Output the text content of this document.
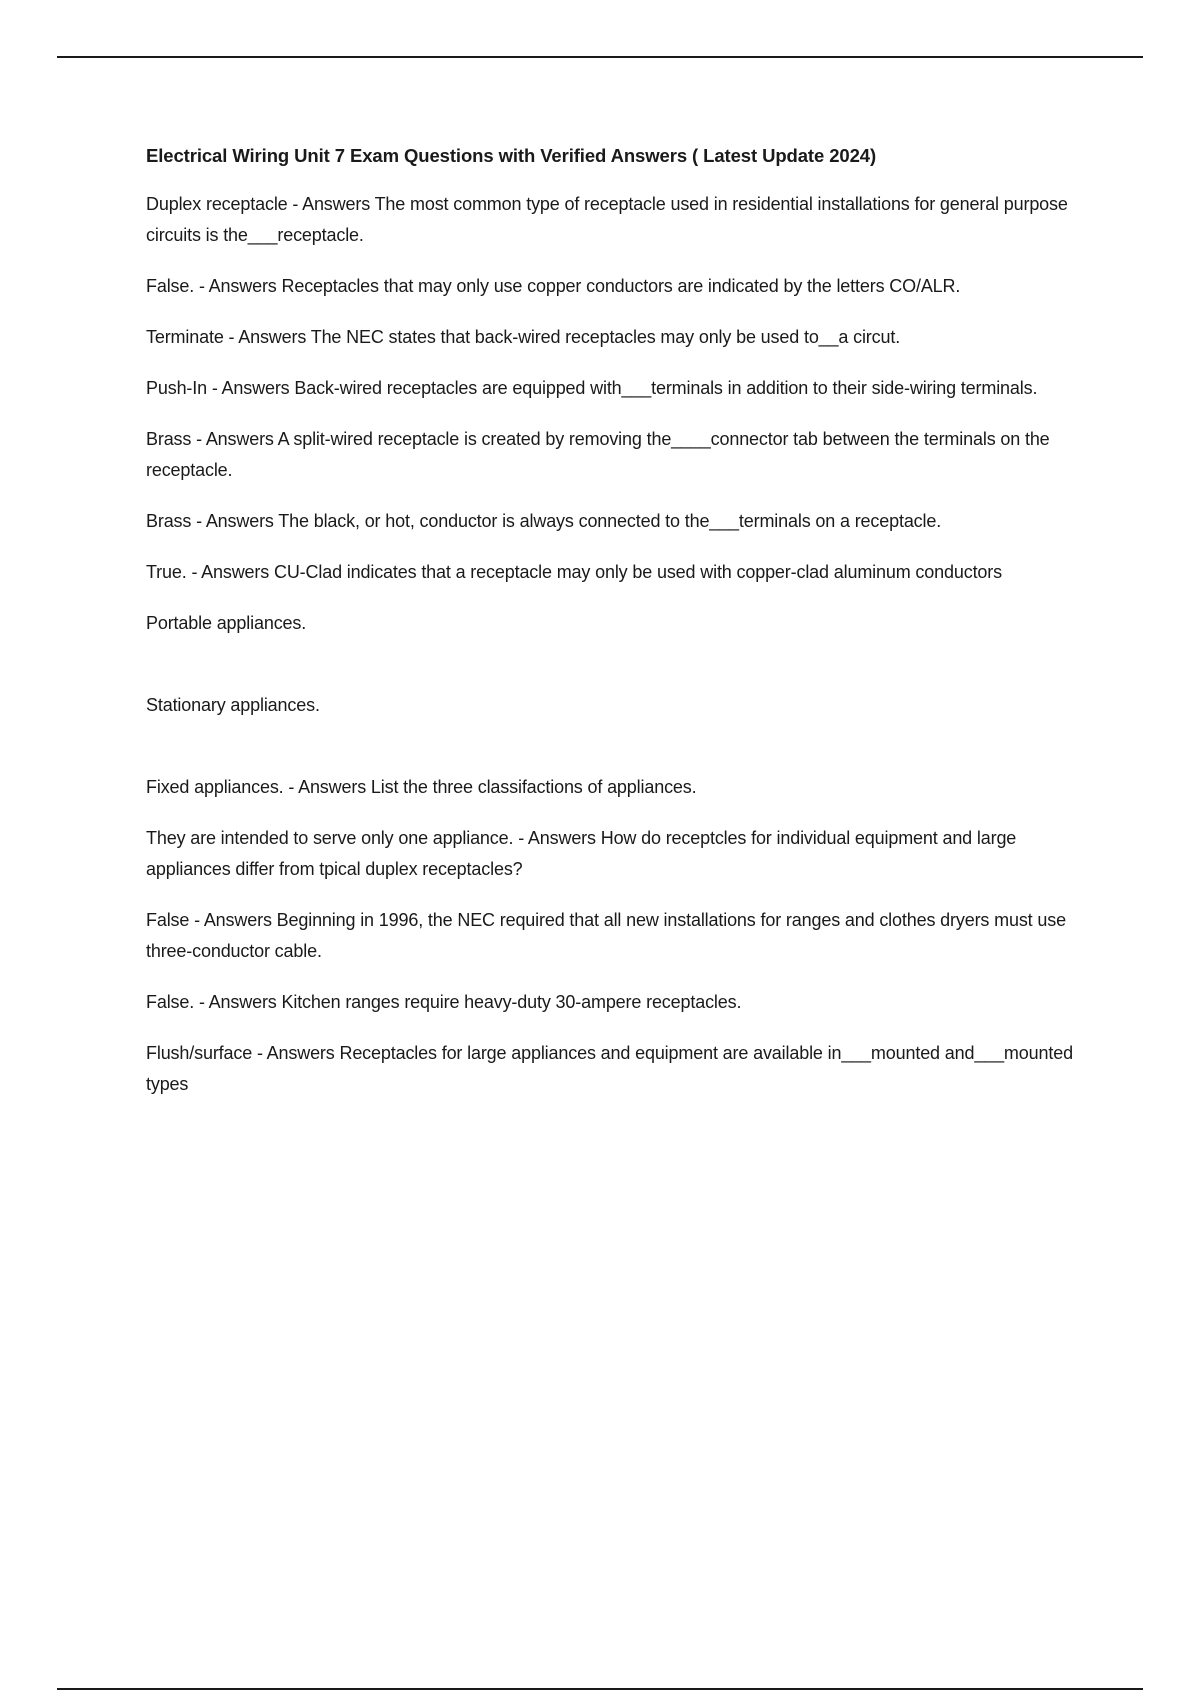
Electrical Wiring Unit 7 Exam Questions with Verified Answers ( Latest Update 2024)
Duplex receptacle - Answers The most common type of receptacle used in residential installations for general purpose circuits is the___receptacle.
False. - Answers Receptacles that may only use copper conductors are indicated by the letters CO/ALR.
Terminate - Answers The NEC states that back-wired receptacles may only be used to__a circut.
Push-In - Answers Back-wired receptacles are equipped with___terminals in addition to their side-wiring terminals.
Brass - Answers A split-wired receptacle is created by removing the____connector tab between the terminals on the receptacle.
Brass - Answers The black, or hot, conductor is always connected to the___terminals on a receptacle.
True. - Answers CU-Clad indicates that a receptacle may only be used with copper-clad aluminum conductors
Portable appliances.
Stationary appliances.
Fixed appliances. - Answers List the three classifactions of appliances.
They are intended to serve only one appliance. - Answers How do receptcles for individual equipment and large appliances differ from tpical duplex receptacles?
False - Answers Beginning in 1996, the NEC required that all new installations for ranges and clothes dryers must use three-conductor cable.
False. - Answers Kitchen ranges require heavy-duty 30-ampere receptacles.
Flush/surface - Answers Receptacles for large appliances and equipment are available in___mounted and___mounted types
